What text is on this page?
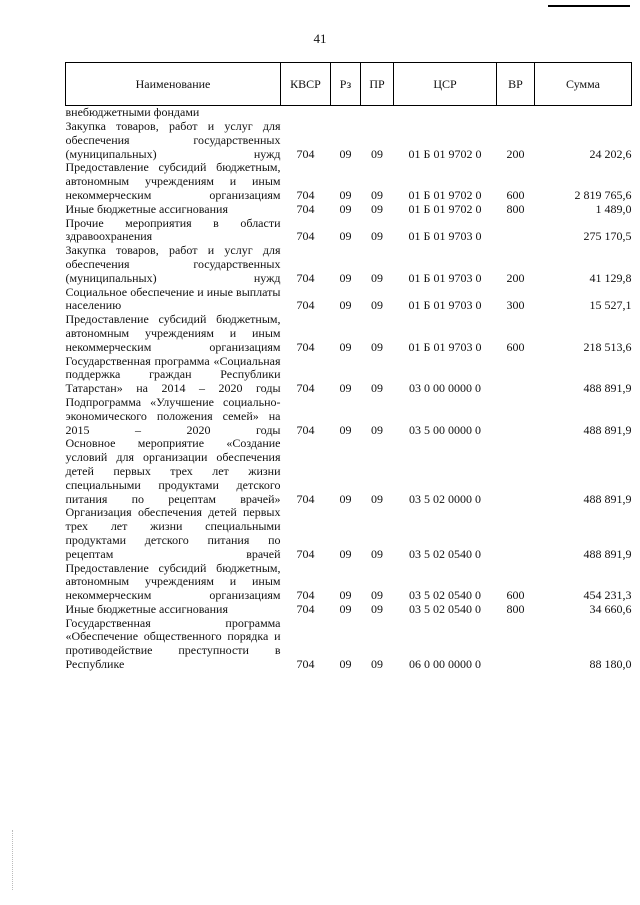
41
Наименование	КВСР	Рз	ПР	ЦСР	ВР	Сумма
внебюджетными фондами						
Закупка товаров, работ и услуг для обеспечения государственных (муниципальных) нужд	704	09	09	01 Б 01 9702 0	200	24 202,6
Предоставление субсидий бюджетным, автономным учреждениям и иным некоммерческим организациям	704	09	09	01 Б 01 9702 0	600	2 819 765,6
Иные бюджетные ассигнования	704	09	09	01 Б 01 9702 0	800	1 489,0
Прочие мероприятия в области здравоохранения	704	09	09	01 Б 01 9703 0		275 170,5
Закупка товаров, работ и услуг для обеспечения государственных (муниципальных) нужд	704	09	09	01 Б 01 9703 0	200	41 129,8
Социальное обеспечение и иные выплаты населению	704	09	09	01 Б 01 9703 0	300	15 527,1
Предоставление субсидий бюджетным, автономным учреждениям и иным некоммерческим организациям	704	09	09	01 Б 01 9703 0	600	218 513,6
Государственная программа «Социальная поддержка граждан Республики Татарстан» на 2014 – 2020 годы	704	09	09	03 0 00 0000 0		488 891,9
Подпрограмма «Улучшение социально-экономического положения семей» на 2015 – 2020 годы	704	09	09	03 5 00 0000 0		488 891,9
Основное мероприятие «Создание условий для организации обеспечения детей первых трех лет жизни специальными продуктами детского питания по рецептам врачей»	704	09	09	03 5 02 0000 0		488 891,9
Организация обеспечения детей первых трех лет жизни специальными продуктами детского питания по рецептам врачей	704	09	09	03 5 02 0540 0		488 891,9
Предоставление субсидий бюджетным, автономным учреждениям и иным некоммерческим организациям	704	09	09	03 5 02 0540 0	600	454 231,3
Иные бюджетные ассигнования	704	09	09	03 5 02 0540 0	800	34 660,6
Государственная программа «Обеспечение общественного порядка и противодействие преступности в Республике	704	09	09	06 0 00 0000 0		88 180,0
